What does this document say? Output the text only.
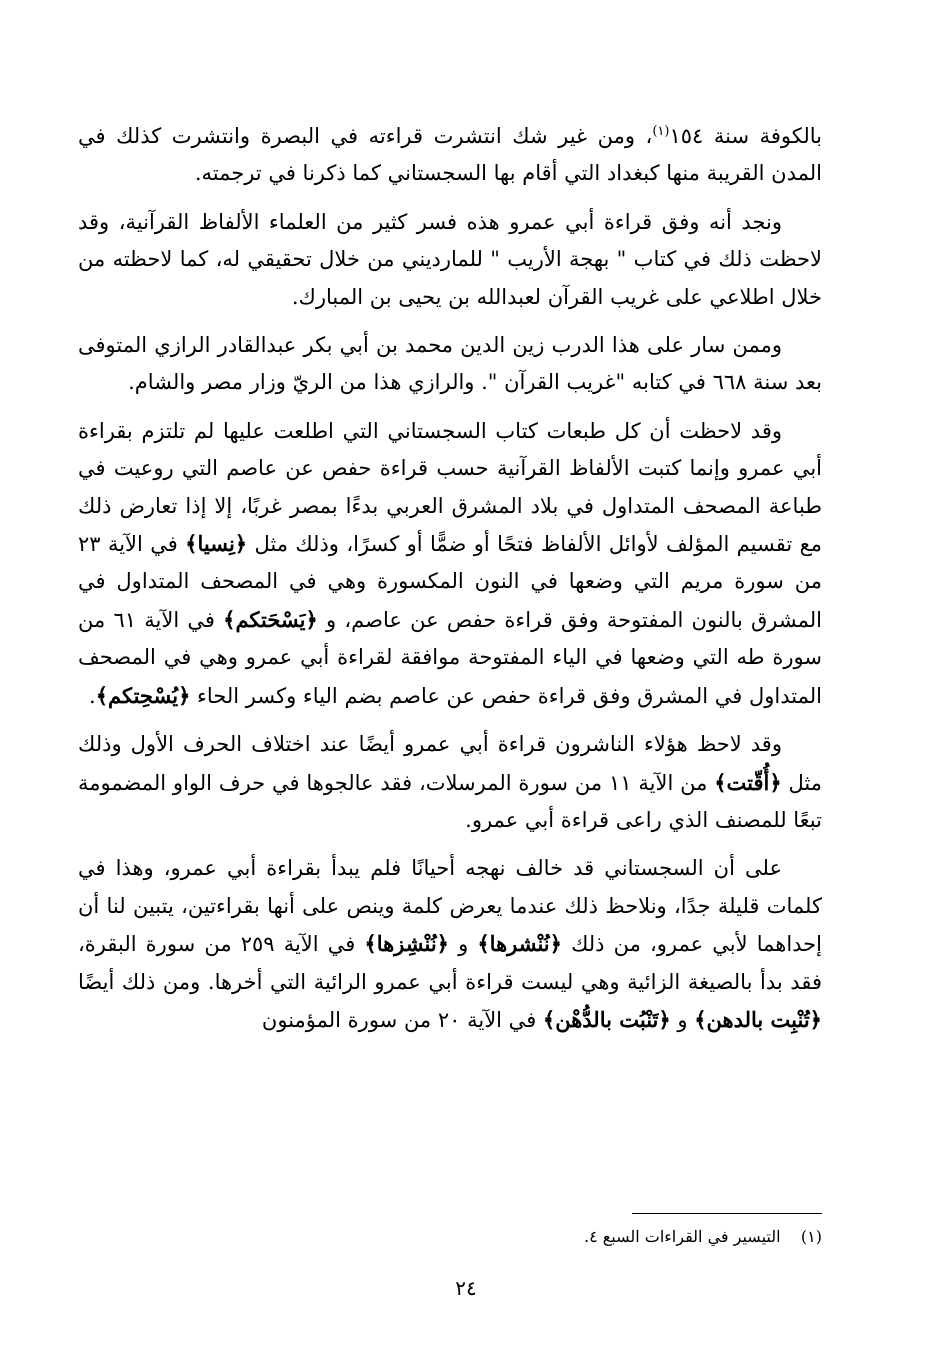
بالكوفة سنة ١٥٤$^{(١)}$، ومن غير شك انتشرت قراءته في البصرة وانتشرت كذلك في المدن القريبة منها كبغداد التي أقام بها السجستاني كما ذكرنا في ترجمته.

ونجد أنه وفق قراءة أبي عمرو هذه فسر كثير من العلماء الألفاظ القرآنية، وقد لاحظت ذلك في كتاب " بهجة الأريب " للمارديني من خلال تحقيقي له، كما لاحظته من خلال اطلاعي على غريب القرآن لعبدالله بن يحيى بن المبارك.

وممن سار على هذا الدرب زين الدين محمد بن أبي بكر عبدالقادر الرازي المتوفى بعد سنة ٦٦٨ في كتابه "غريب القرآن ". والرازي هذا من الريّ وزار مصر والشام.

وقد لاحظت أن كل طبعات كتاب السجستاني التي اطلعت عليها لم تلتزم بقراءة أبي عمرو وإنما كتبت الألفاظ القرآنية حسب قراءة حفص عن عاصم التي روعيت في طباعة المصحف المتداول في بلاد المشرق العربي بدءًا بمصر غربًا، إلا إذا تعارض ذلك مع تقسيم المؤلف لأوائل الألفاظ فتحًا أو ضمًّا أو كسرًا، وذلك مثل ﴿نِسيا﴾ في الآية ٢٣ من سورة مريم التي وضعها في النون المكسورة وهي في المصحف المتداول في المشرق بالنون المفتوحة وفق قراءة حفص عن عاصم، و ﴿يَسْحَتكم﴾ في الآية ٦١ من سورة طه التي وضعها في الياء المفتوحة موافقة لقراءة أبي عمرو وهي في المصحف المتداول في المشرق وفق قراءة حفص عن عاصم بضم الياء وكسر الحاء ﴿يُسْحِتكم﴾.

وقد لاحظ هؤلاء الناشرون قراءة أبي عمرو أيضًا عند اختلاف الحرف الأول وذلك مثل ﴿أُقّتت﴾ من الآية ١١ من سورة المرسلات، فقد عالجوها في حرف الواو المضمومة تبعًا للمصنف الذي راعى قراءة أبي عمرو.

على أن السجستاني قد خالف نهجه أحيانًا فلم يبدأ بقراءة أبي عمرو، وهذا في كلمات قليلة جدًا، ونلاحظ ذلك عندما يعرض كلمة وينص على أنها بقراءتين، يتبين لنا أن إحداهما لأبي عمرو، من ذلك ﴿نُنْشرها﴾ و ﴿نُنْشِزها﴾ في الآية ٢٥٩ من سورة البقرة، فقد بدأ بالصيغة الزائية وهي ليست قراءة أبي عمرو الرائية التي أخرها. ومن ذلك أيضًا ﴿تُنْبِت بالدهن﴾ و ﴿تَنْبُت بالدُّهْن﴾ في الآية ٢٠ من سورة المؤمنون

(١)    التيسير في القراءات السبع ٤.
٢٤
